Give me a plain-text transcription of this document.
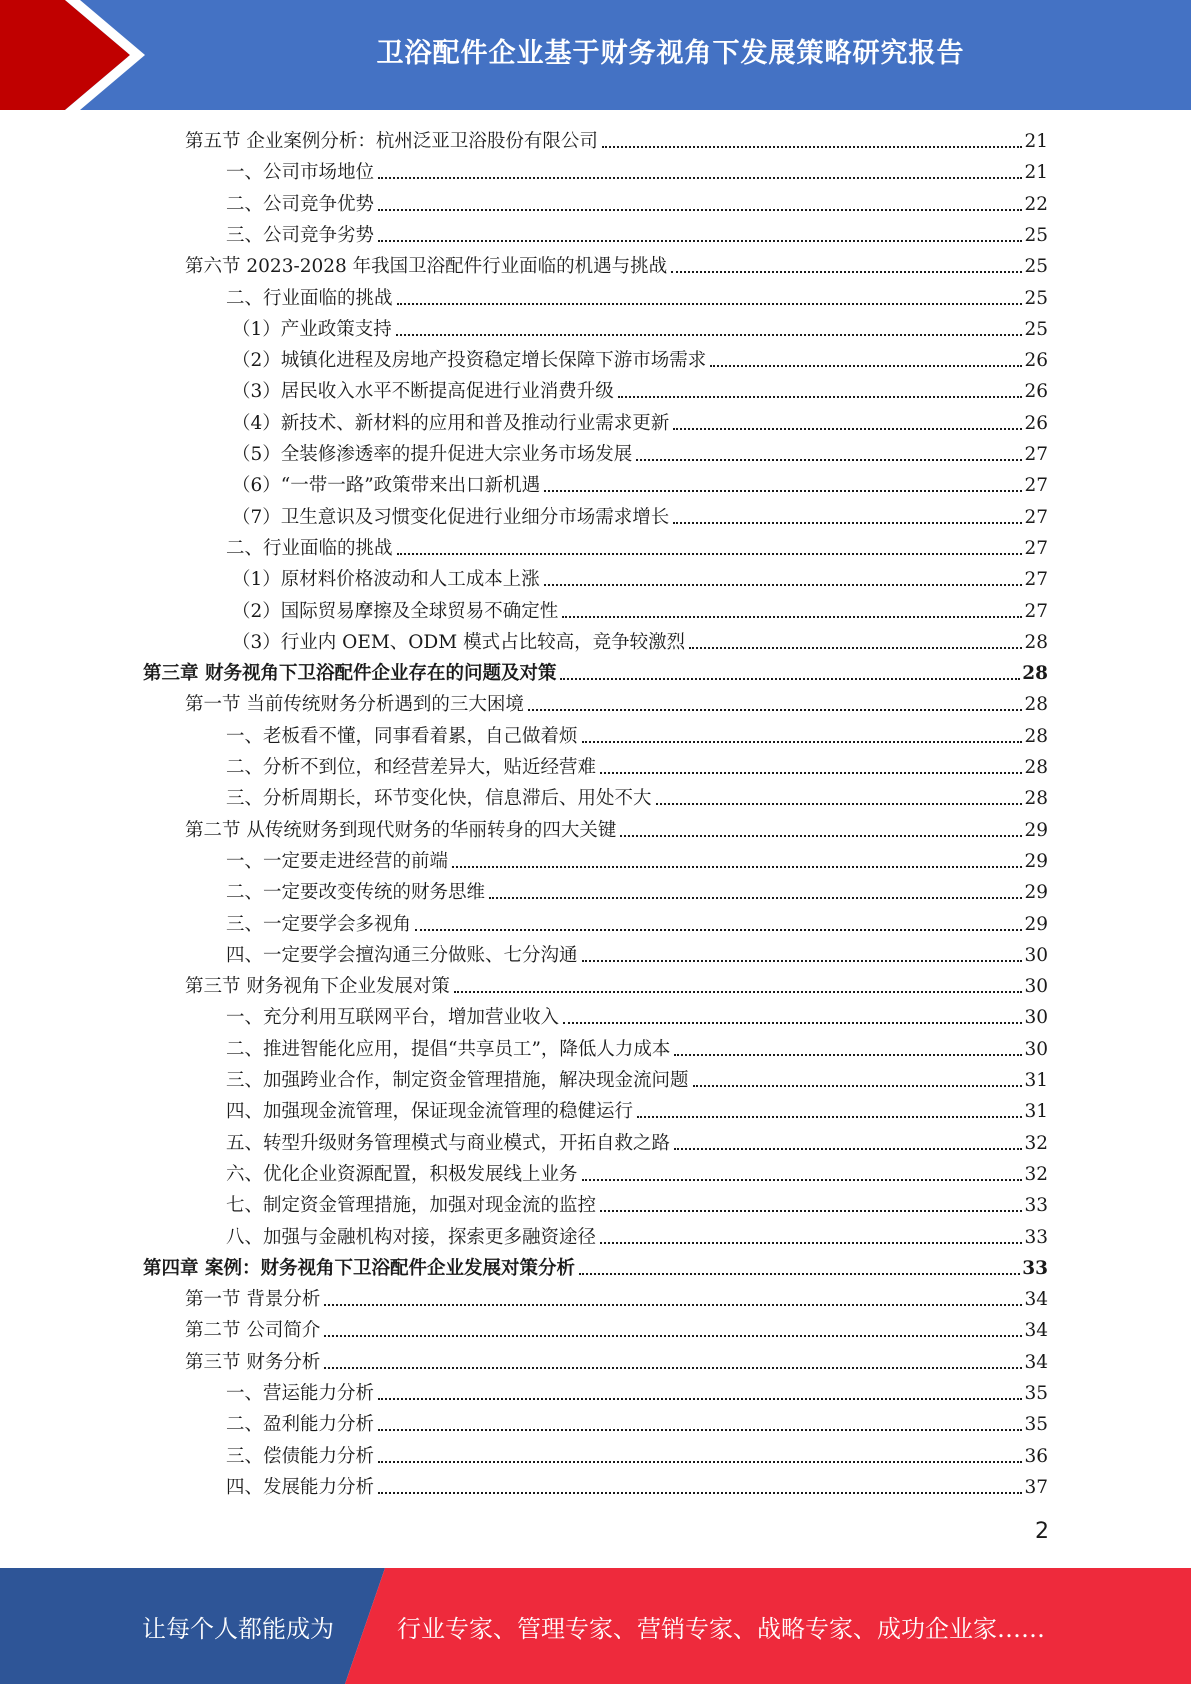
卫浴配件企业基于财务视角下发展策略研究报告
第五节 企业案例分析：杭州泛亚卫浴股份有限公司	21
一、公司市场地位	21
二、公司竞争优势	22
三、公司竞争劣势	25
第六节 2023-2028 年我国卫浴配件行业面临的机遇与挑战	25
二、行业面临的挑战	25
（1）产业政策支持	25
（2）城镇化进程及房地产投资稳定增长保障下游市场需求	26
（3）居民收入水平不断提高促进行业消费升级	26
（4）新技术、新材料的应用和普及推动行业需求更新	26
（5）全装修渗透率的提升促进大宗业务市场发展	27
（6）“一带一路”政策带来出口新机遇	27
（7）卫生意识及习惯变化促进行业细分市场需求增长	27
二、行业面临的挑战	27
（1）原材料价格波动和人工成本上涨	27
（2）国际贸易摩擦及全球贸易不确定性	27
（3）行业内 OEM、ODM 模式占比较高，竞争较激烈	28
第三章 财务视角下卫浴配件企业存在的问题及对策	28
第一节 当前传统财务分析遇到的三大困境	28
一、老板看不懂，同事看着累，自己做着烦	28
二、分析不到位，和经营差异大，贴近经营难	28
三、分析周期长，环节变化快，信息滞后、用处不大	28
第二节 从传统财务到现代财务的华丽转身的四大关键	29
一、一定要走进经营的前端	29
二、一定要改变传统的财务思维	29
三、一定要学会多视角	29
四、一定要学会擅沟通三分做账、七分沟通	30
第三节 财务视角下企业发展对策	30
一、充分利用互联网平台，增加营业收入	30
二、推进智能化应用，提倡“共享员工”，降低人力成本	30
三、加强跨业合作，制定资金管理措施，解决现金流问题	31
四、加强现金流管理，保证现金流管理的稳健运行	31
五、转型升级财务管理模式与商业模式，开拓自救之路	32
六、优化企业资源配置，积极发展线上业务	32
七、制定资金管理措施，加强对现金流的监控	33
八、加强与金融机构对接，探索更多融资途径	33
第四章 案例：财务视角下卫浴配件企业发展对策分析	33
第一节 背景分析	34
第二节 公司简介	34
第三节 财务分析	34
一、营运能力分析	35
二、盈利能力分析	35
三、偿债能力分析	36
四、发展能力分析	37
2
让每个人都能成为	行业专家、管理专家、营销专家、战略专家、成功企业家……
